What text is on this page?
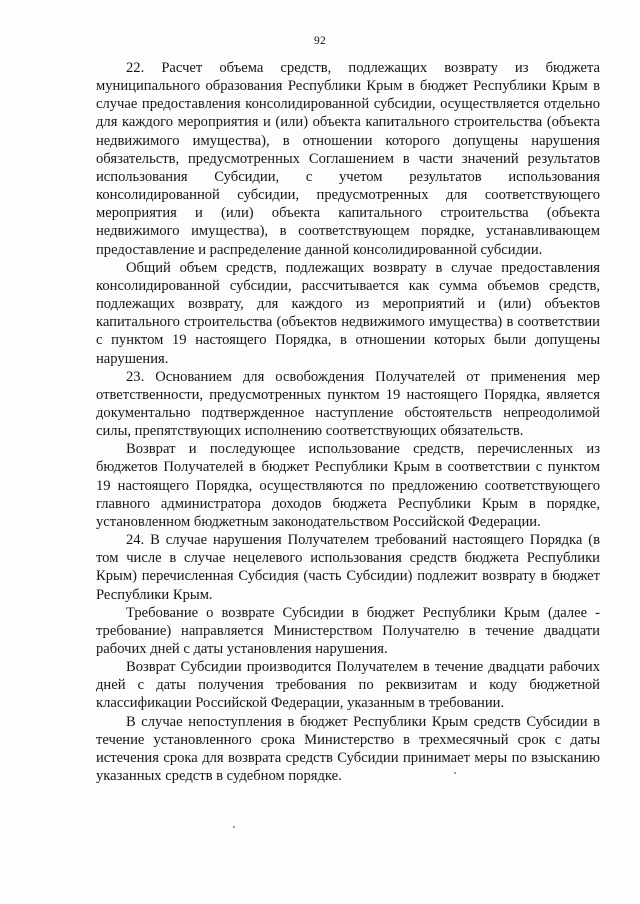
92

22. Расчет объема средств, подлежащих возврату из бюджета муниципального образования Республики Крым в бюджет Республики Крым в случае предоставления консолидированной субсидии, осуществляется отдельно для каждого мероприятия и (или) объекта капитального строительства (объекта недвижимого имущества), в отношении которого допущены нарушения обязательств, предусмотренных Соглашением в части значений результатов использования Субсидии, с учетом результатов использования консолидированной субсидии, предусмотренных для соответствующего мероприятия и (или) объекта капитального строительства (объекта недвижимого имущества), в соответствующем порядке, устанавливающем предоставление и распределение данной консолидированной субсидии.

Общий объем средств, подлежащих возврату в случае предоставления консолидированной субсидии, рассчитывается как сумма объемов средств, подлежащих возврату, для каждого из мероприятий и (или) объектов капитального строительства (объектов недвижимого имущества) в соответствии с пунктом 19 настоящего Порядка, в отношении которых были допущены нарушения.

23. Основанием для освобождения Получателей от применения мер ответственности, предусмотренных пунктом 19 настоящего Порядка, является документально подтвержденное наступление обстоятельств непреодолимой силы, препятствующих исполнению соответствующих обязательств.

Возврат и последующее использование средств, перечисленных из бюджетов Получателей в бюджет Республики Крым в соответствии с пунктом 19 настоящего Порядка, осуществляются по предложению соответствующего главного администратора доходов бюджета Республики Крым в порядке, установленном бюджетным законодательством Российской Федерации.

24. В случае нарушения Получателем требований настоящего Порядка (в том числе в случае нецелевого использования средств бюджета Республики Крым) перечисленная Субсидия (часть Субсидии) подлежит возврату в бюджет Республики Крым.

Требование о возврате Субсидии в бюджет Республики Крым (далее - требование) направляется Министерством Получателю в течение двадцати рабочих дней с даты установления нарушения.

Возврат Субсидии производится Получателем в течение двадцати рабочих дней с даты получения требования по реквизитам и коду бюджетной классификации Российской Федерации, указанным в требовании.

В случае непоступления в бюджет Республики Крым средств Субсидии в течение установленного срока Министерство в трехмесячный срок с даты истечения срока для возврата средств Субсидии принимает меры по взысканию указанных средств в судебном порядке.
